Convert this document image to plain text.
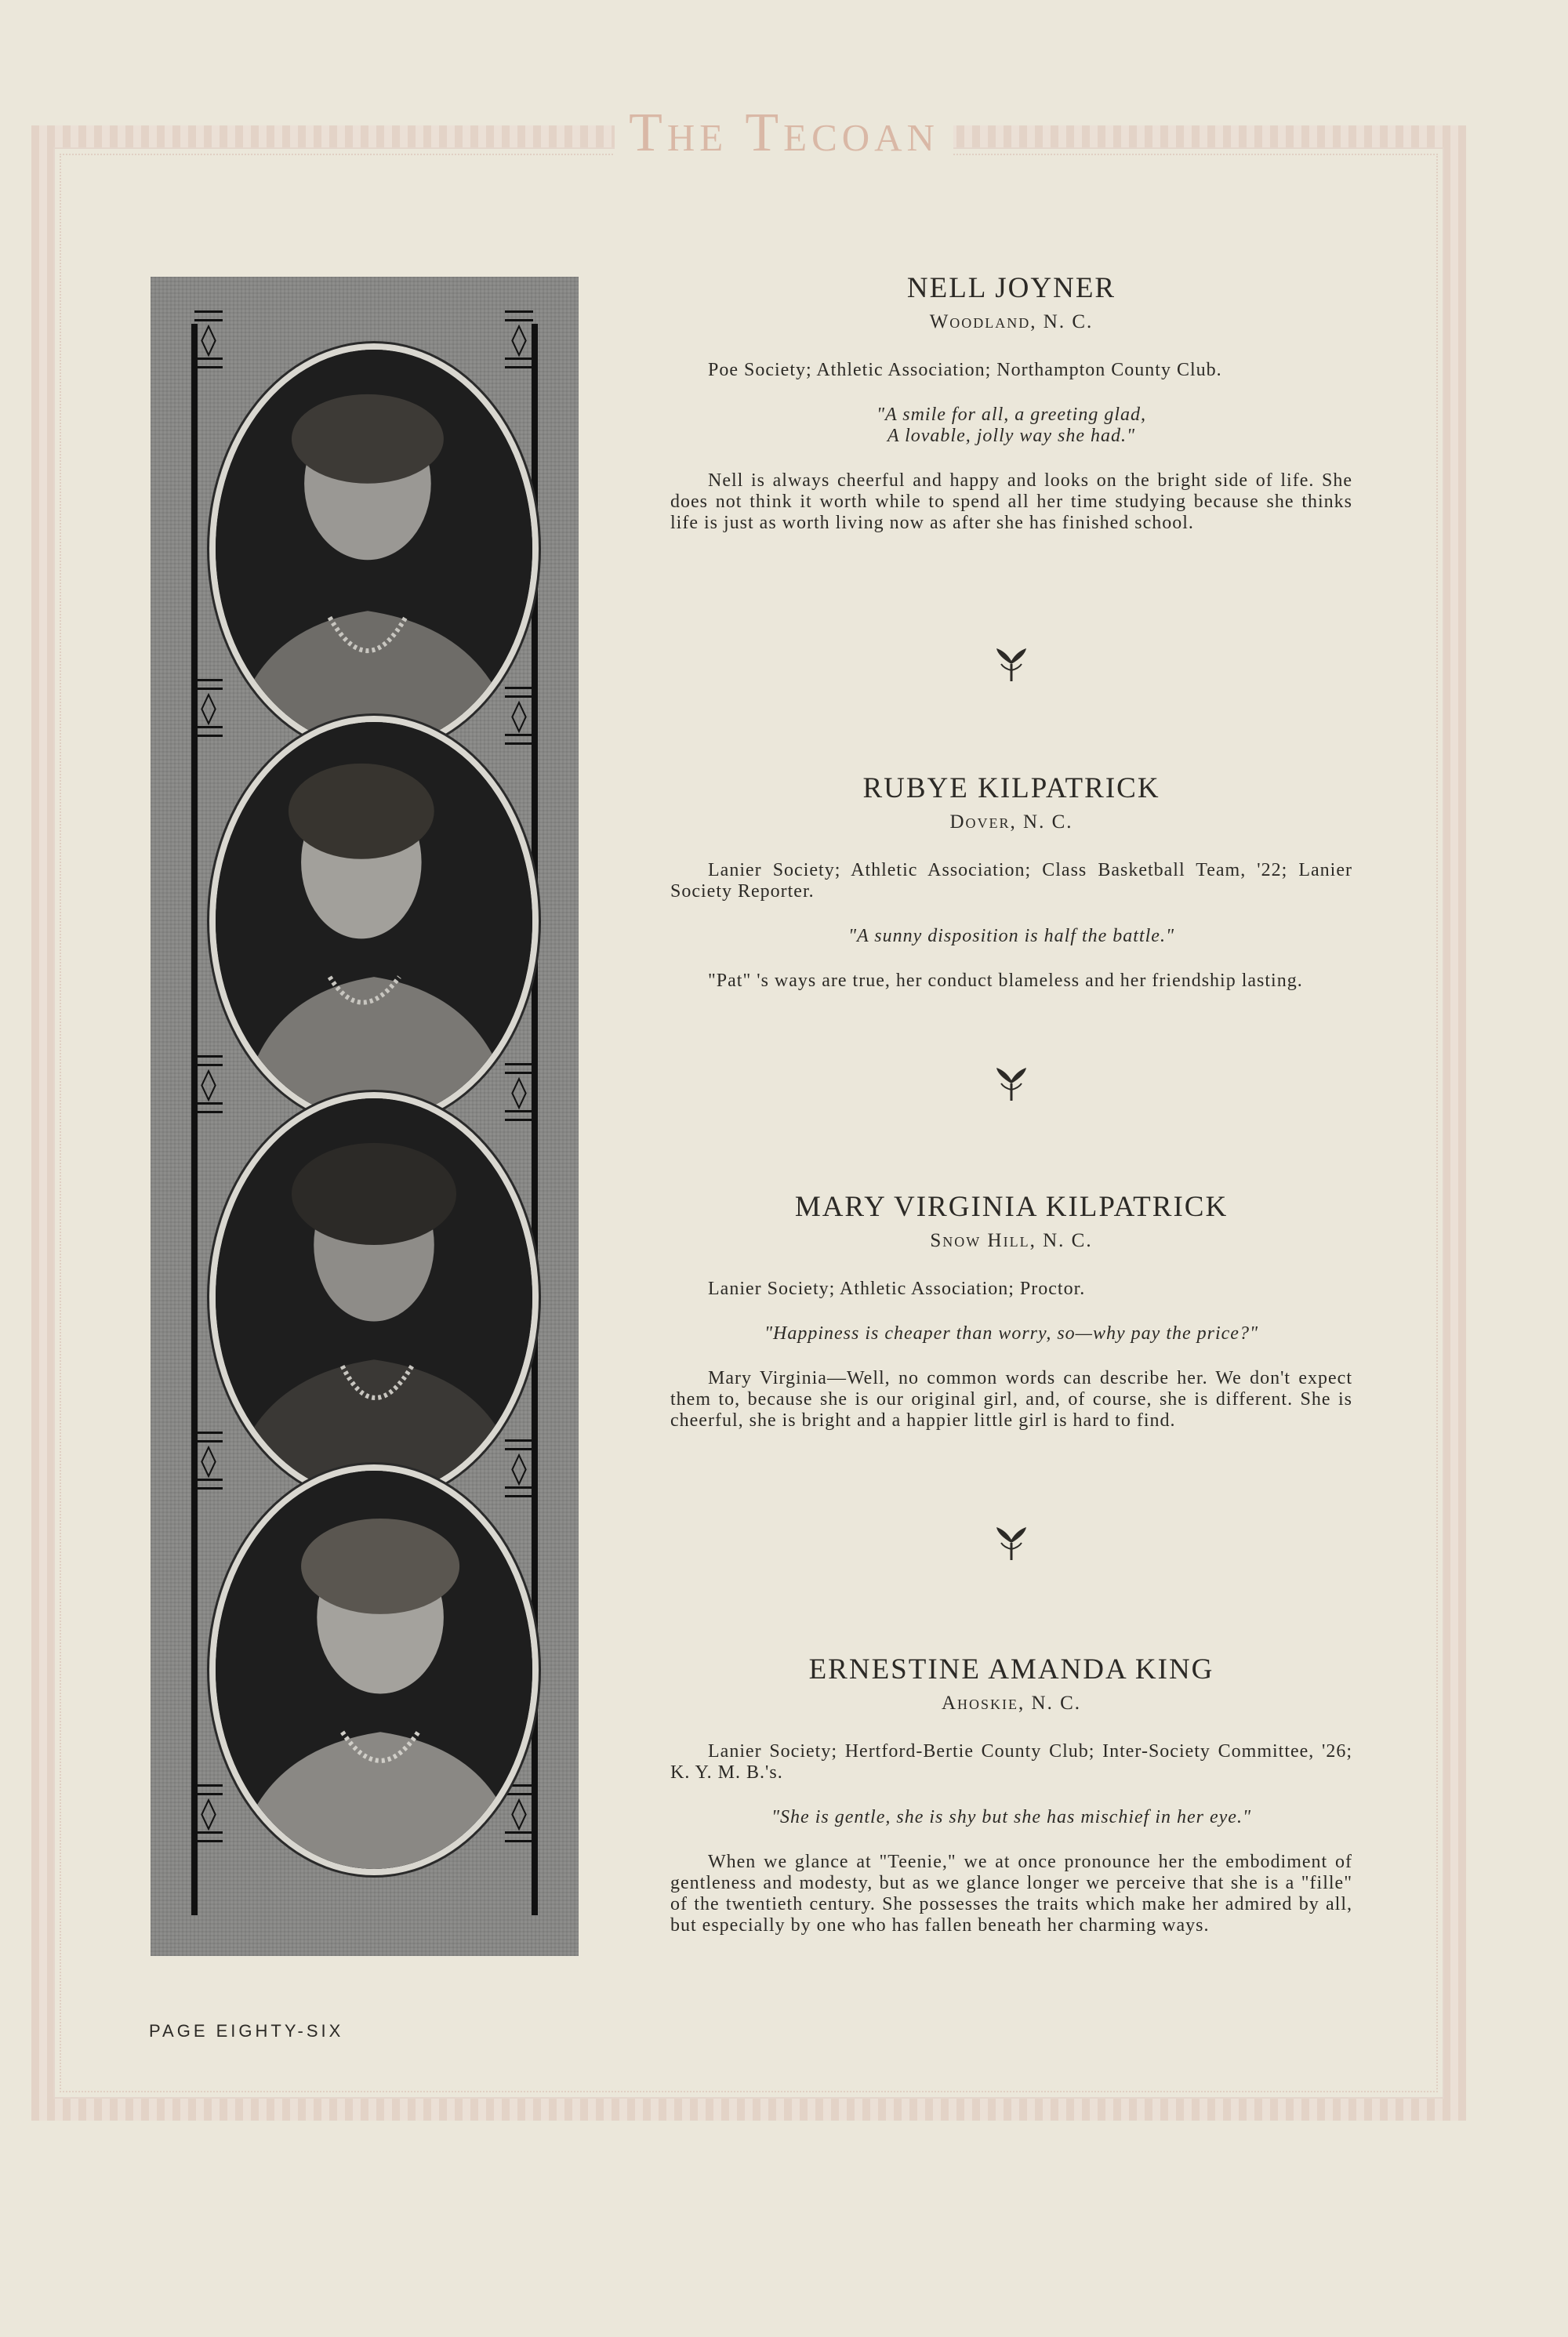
The Tecoan
◊	◊
◊	◊
◊	◊
◊	◊
◊	◊
NELL JOYNER
Woodland, N. C.
Poe Society; Athletic Association; Northampton County Club.
"A smile for all, a greeting glad,
A lovable, jolly way she had."
Nell is always cheerful and happy and looks on the bright side of life. She does not think it worth while to spend all her time studying because she thinks life is just as worth living now as after she has finished school.
RUBYE KILPATRICK
Dover, N. C.
Lanier Society; Athletic Association; Class Basketball Team, '22; Lanier Society Reporter.
"A sunny disposition is half the battle."
"Pat" 's ways are true, her conduct blameless and her friendship lasting.
MARY VIRGINIA KILPATRICK
Snow Hill, N. C.
Lanier Society; Athletic Association; Proctor.
"Happiness is cheaper than worry, so—why pay the price?"
Mary Virginia—Well, no common words can describe her. We don't expect them to, because she is our original girl, and, of course, she is different. She is cheerful, she is bright and a happier little girl is hard to find.
ERNESTINE AMANDA KING
Ahoskie, N. C.
Lanier Society; Hertford-Bertie County Club; Inter-Society Committee, '26; K. Y. M. B.'s.
"She is gentle, she is shy but she has mischief in her eye."
When we glance at "Teenie," we at once pronounce her the embodiment of gentleness and modesty, but as we glance longer we perceive that she is a "fille" of the twentieth century. She possesses the traits which make her admired by all, but especially by one who has fallen beneath her charming ways.
PAGE EIGHTY-SIX
